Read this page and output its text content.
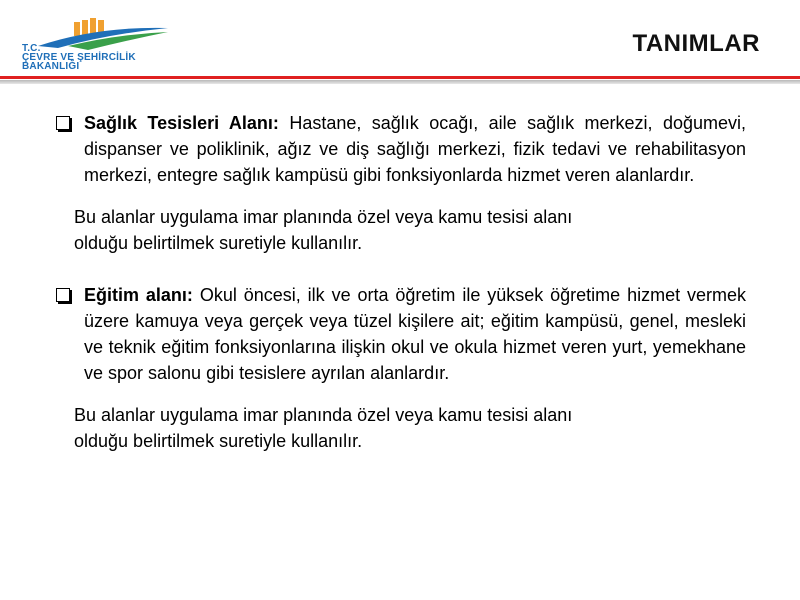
T.C.
ÇEVRE VE ŞEHİRCİLİK
BAKANLIĞI
TANIMLAR
Sağlık Tesisleri Alanı: Hastane, sağlık ocağı, aile sağlık merkezi, doğumevi, dispanser ve poliklinik, ağız ve diş sağlığı merkezi, fizik tedavi ve rehabilitasyon merkezi, entegre sağlık kampüsü gibi fonksiyonlarda hizmet veren alanlardır.
Bu alanlar uygulama imar planında özel veya kamu tesisi alanı
olduğu belirtilmek suretiyle kullanılır.
Eğitim alanı: Okul öncesi, ilk ve orta öğretim ile yüksek öğretime hizmet vermek üzere kamuya veya gerçek veya tüzel kişilere ait; eğitim kampüsü, genel, mesleki ve teknik eğitim fonksiyonlarına ilişkin okul ve okula hizmet veren yurt, yemekhane ve spor salonu gibi tesislere ayrılan alanlardır.
Bu alanlar uygulama imar planında özel veya kamu tesisi alanı
olduğu belirtilmek suretiyle kullanılır.
